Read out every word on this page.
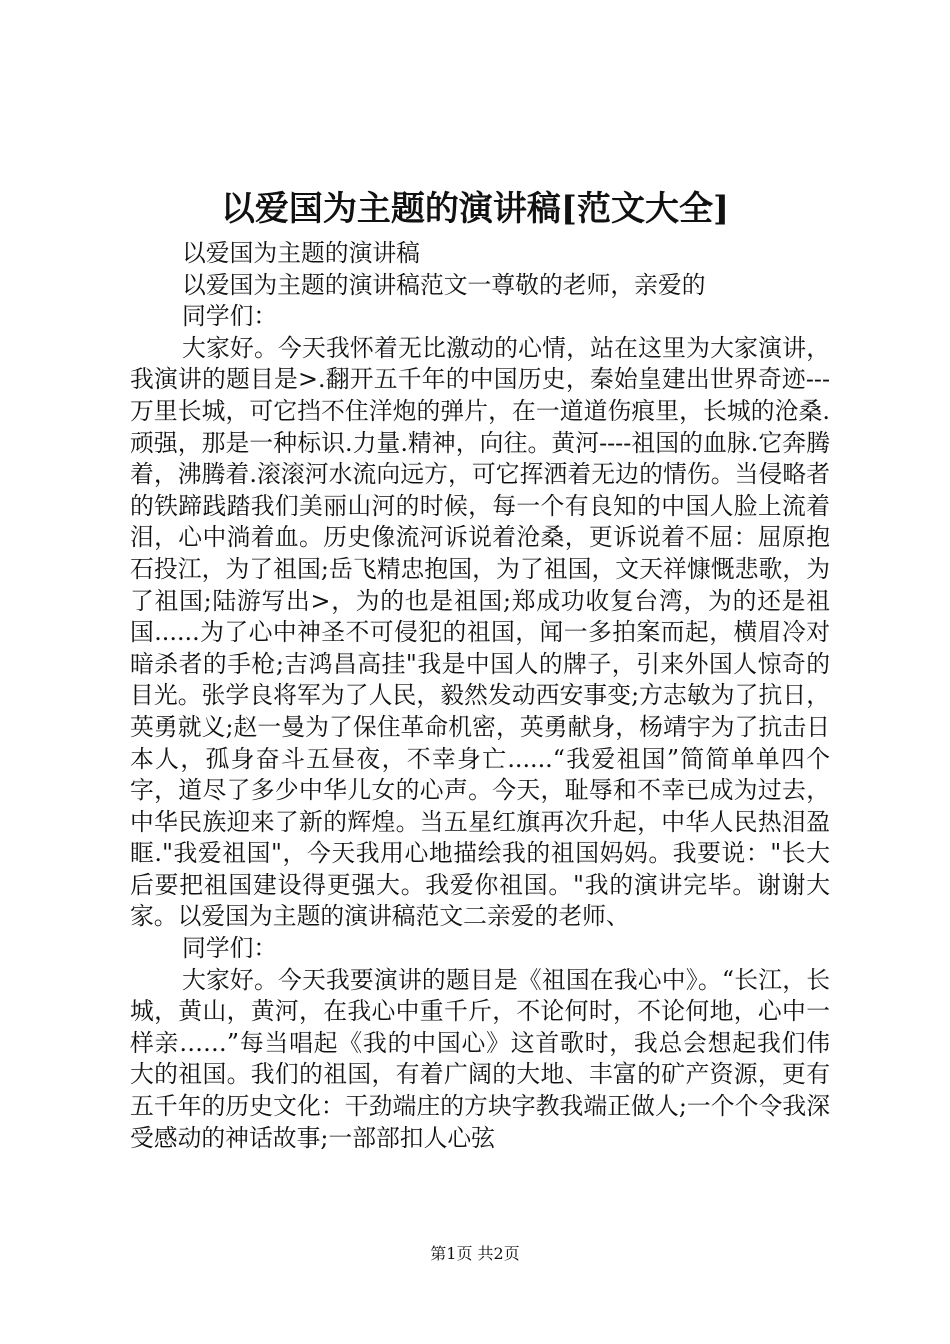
以爱国为主题的演讲稿[范文大全]

以爱国为主题的演讲稿

以爱国为主题的演讲稿范文一尊敬的老师，亲爱的

同学们：

大家好。今天我怀着无比激动的心情，站在这里为大家演讲，我演讲的题目是>.翻开五千年的中国历史，秦始皇建出世界奇迹---万里长城，可它挡不住洋炮的弹片，在一道道伤痕里，长城的沧桑.顽强，那是一种标识.力量.精神，向往。黄河----祖国的血脉.它奔腾着，沸腾着.滚滚河水流向远方，可它挥洒着无边的情伤。当侵略者的铁蹄践踏我们美丽山河的时候，每一个有良知的中国人脸上流着泪，心中淌着血。历史像流河诉说着沧桑，更诉说着不屈：屈原抱石投江，为了祖国;岳飞精忠抱国，为了祖国，文天祥慷慨悲歌，为了祖国;陆游写出>，为的也是祖国;郑成功收复台湾，为的还是祖国......为了心中神圣不可侵犯的祖国，闻一多拍案而起，横眉冷对暗杀者的手枪;吉鸿昌高挂"我是中国人的牌子，引来外国人惊奇的目光。张学良将军为了人民，毅然发动西安事变;方志敏为了抗日，英勇就义;赵一曼为了保住革命机密，英勇献身，杨靖宇为了抗击日本人，孤身奋斗五昼夜，不幸身亡......“我爱祖国”简简单单四个字，道尽了多少中华儿女的心声。今天，耻辱和不幸已成为过去，中华民族迎来了新的辉煌。当五星红旗再次升起，中华人民热泪盈眶."我爱祖国"，今天我用心地描绘我的祖国妈妈。我要说："长大后要把祖国建设得更强大。我爱你祖国。"我的演讲完毕。谢谢大家。以爱国为主题的演讲稿范文二亲爱的老师、

同学们：

大家好。今天我要演讲的题目是《祖国在我心中》。“长江，长城，黄山，黄河，在我心中重千斤，不论何时，不论何地，心中一样亲……”每当唱起《我的中国心》这首歌时，我总会想起我们伟大的祖国。我们的祖国，有着广阔的大地、丰富的矿产资源，更有五千年的历史文化：干劲端庄的方块字教我端正做人;一个个令我深受感动的神话故事;一部部扣人心弦

第1页 共2页
